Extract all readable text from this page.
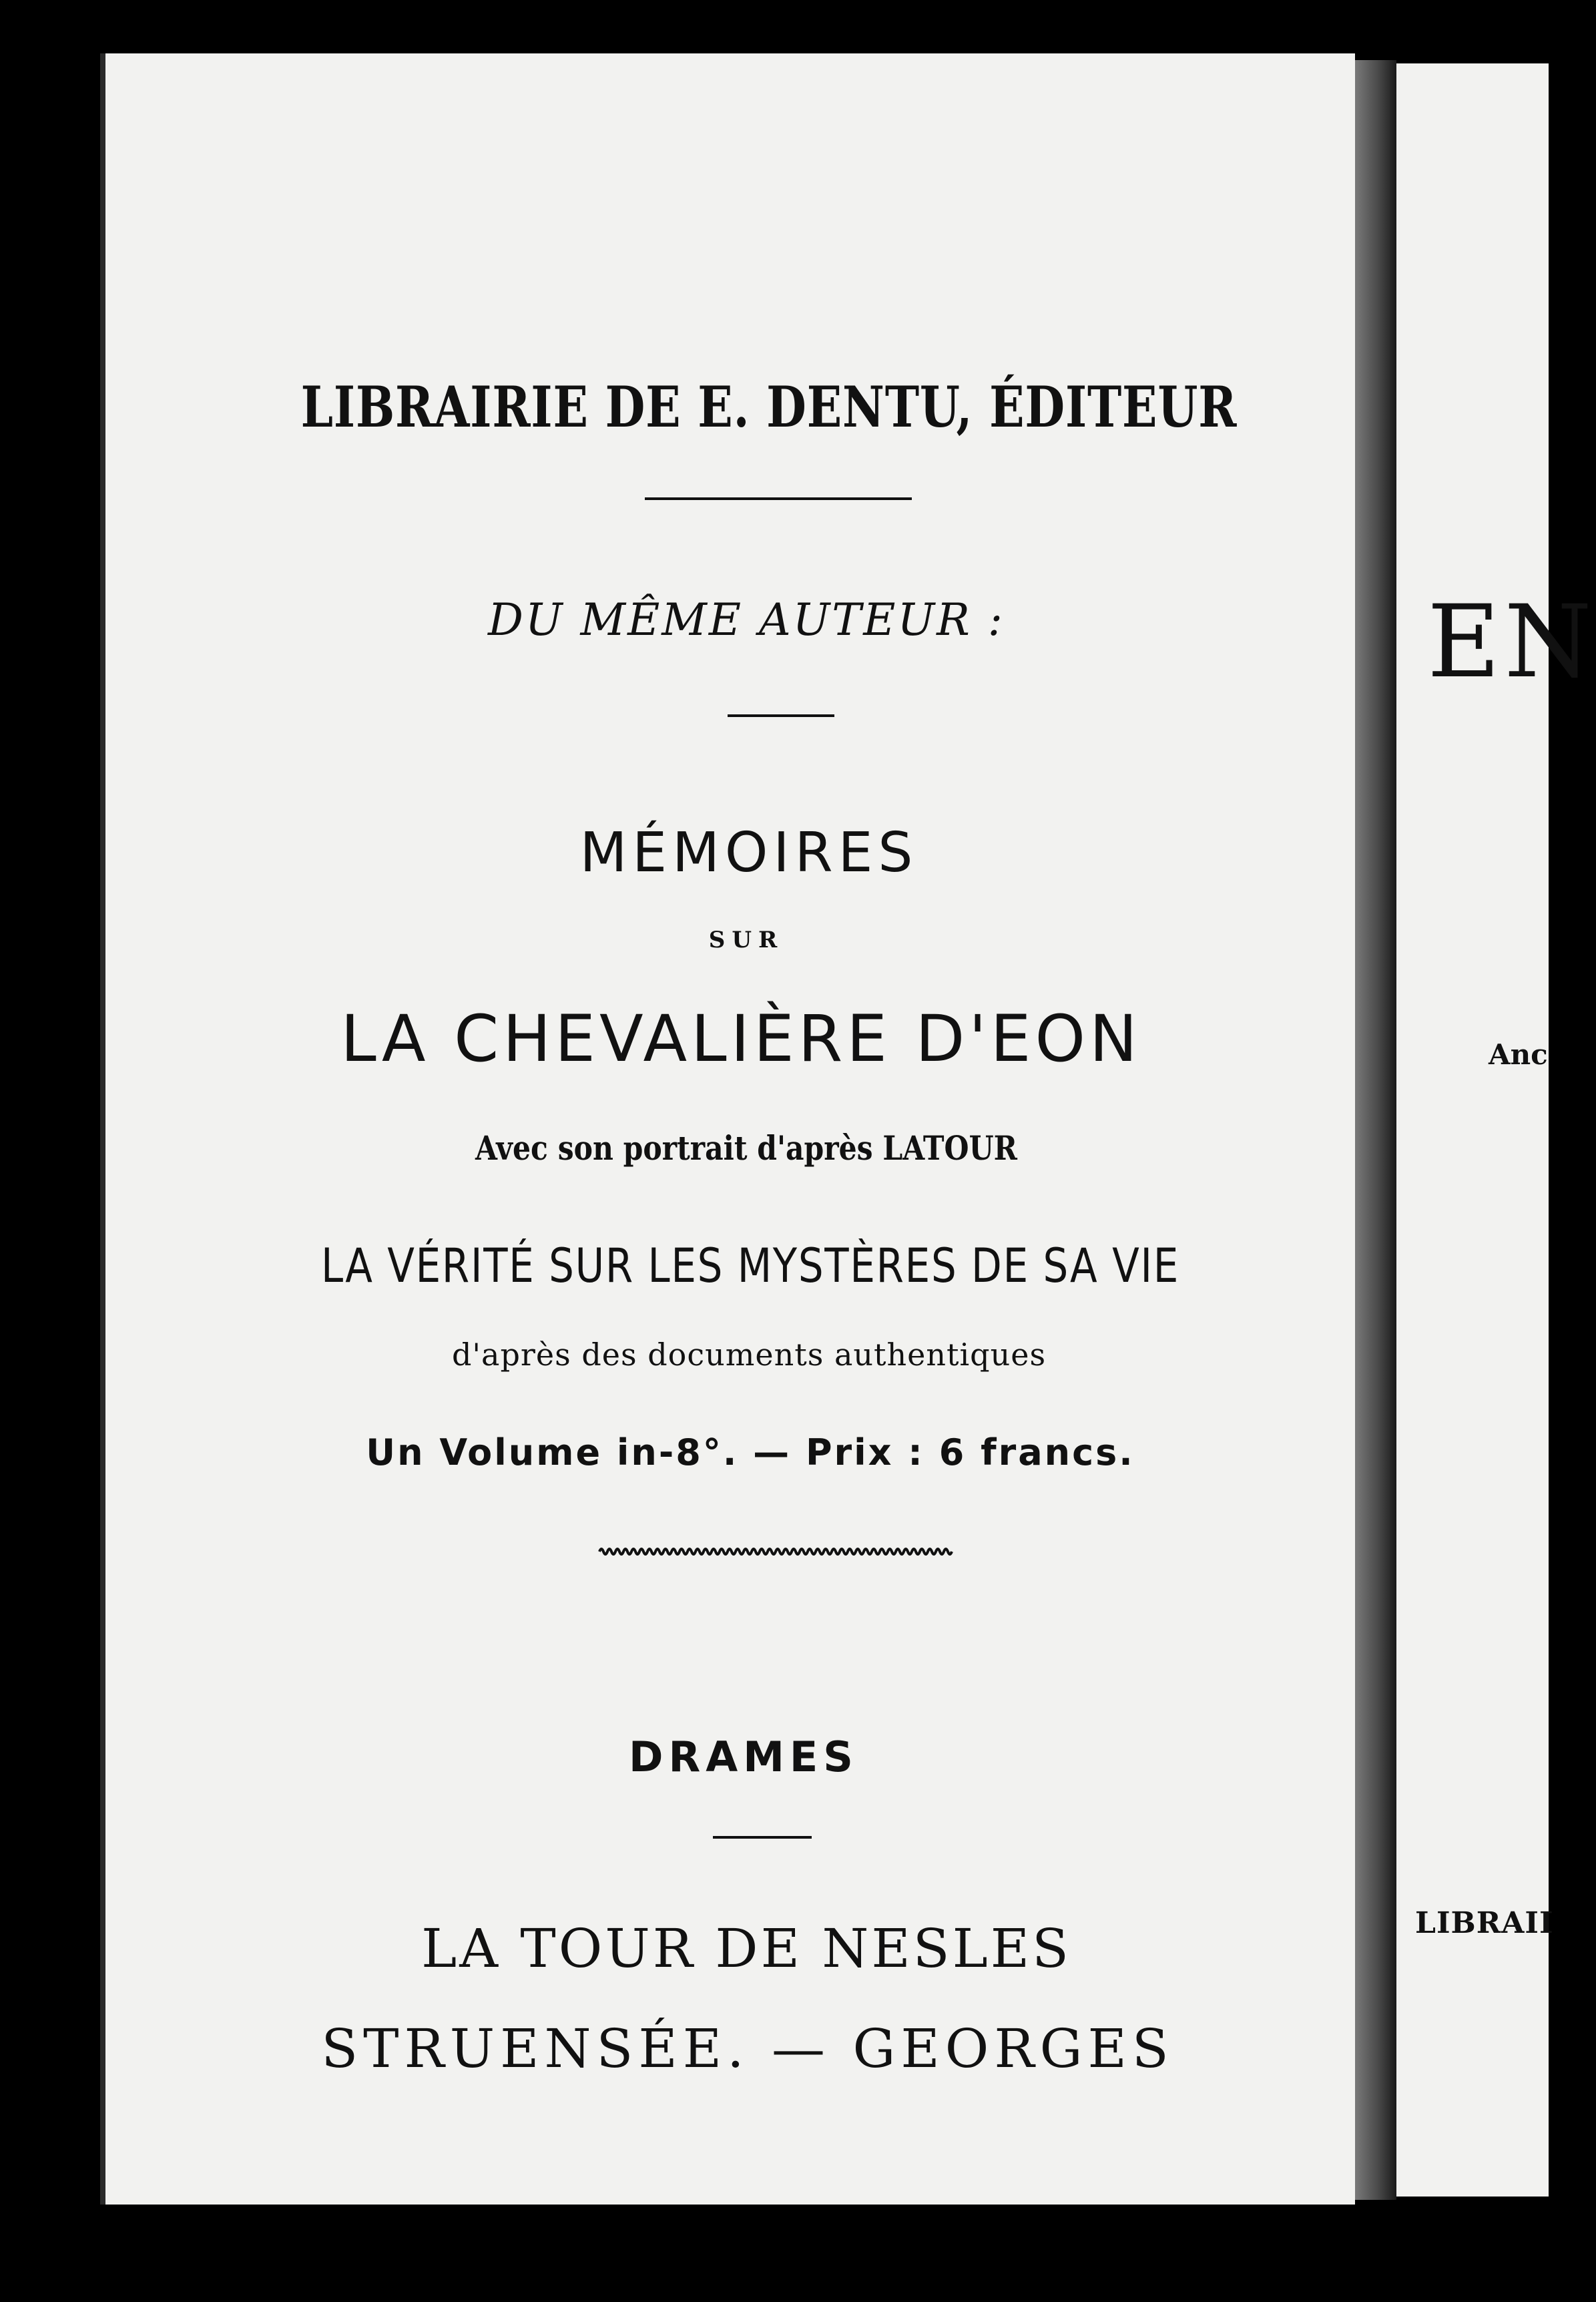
LIBRAIRIE DE E. DENTU, ÉDITEUR
DU MÊME AUTEUR :
MÉMOIRES
SUR
LA CHEVALIÈRE D'EON
Avec son portrait d'après LATOUR
LA VÉRITÉ SUR LES MYSTÈRES DE SA VIE
d'après des documents authentiques
Un Volume in-8°. — Prix : 6 francs.
DRAMES
LA TOUR DE NESLES
STRUENSÉE. — GEORGES
EN
Anc
LIBRAII
